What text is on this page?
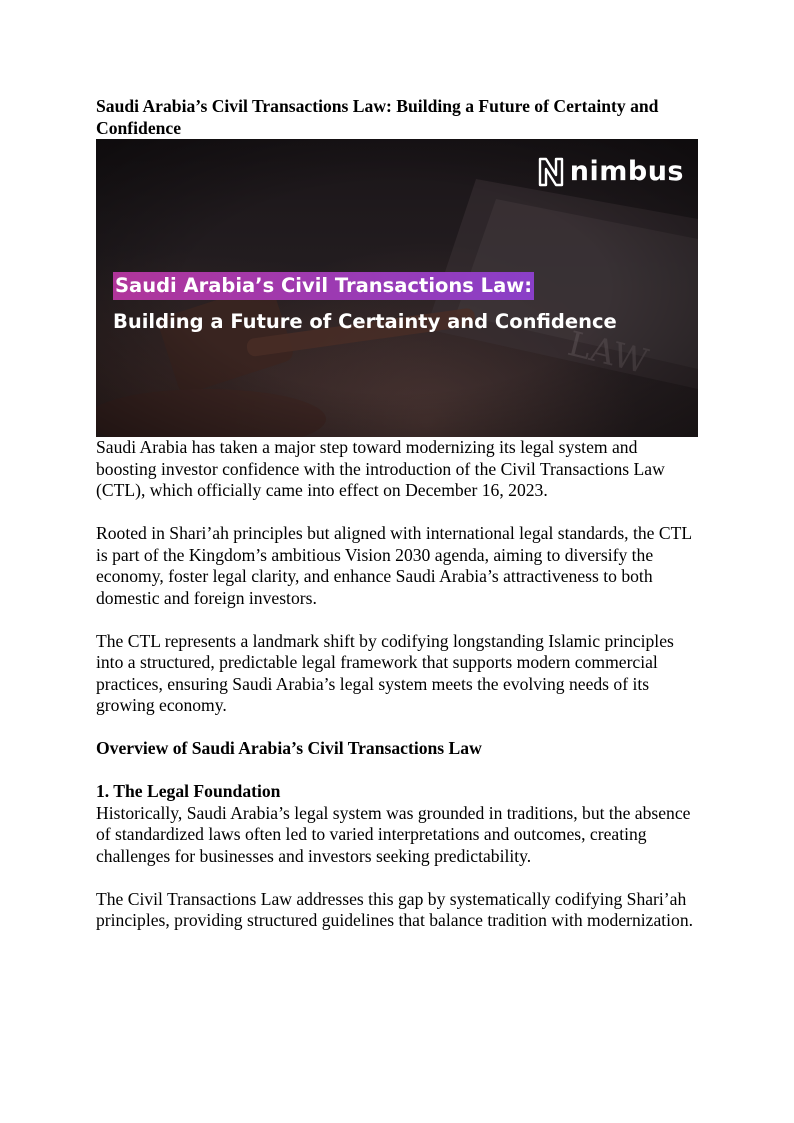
Saudi Arabia’s Civil Transactions Law: Building a Future of Certainty and Confidence
nimbus
Saudi Arabia’s Civil Transactions Law:
Building a Future of Certainty and Confidence

Saudi Arabia has taken a major step toward modernizing its legal system and boosting investor confidence with the introduction of the Civil Transactions Law (CTL), which officially came into effect on December 16, 2023.

Rooted in Shari’ah principles but aligned with international legal standards, the CTL is part of the Kingdom’s ambitious Vision 2030 agenda, aiming to diversify the economy, foster legal clarity, and enhance Saudi Arabia’s attractiveness to both domestic and foreign investors.

The CTL represents a landmark shift by codifying longstanding Islamic principles into a structured, predictable legal framework that supports modern commercial practices, ensuring Saudi Arabia’s legal system meets the evolving needs of its growing economy.

Overview of Saudi Arabia’s Civil Transactions Law

1. The Legal Foundation

Historically, Saudi Arabia’s legal system was grounded in traditions, but the absence of standardized laws often led to varied interpretations and outcomes, creating challenges for businesses and investors seeking predictability.

The Civil Transactions Law addresses this gap by systematically codifying Shari’ah principles, providing structured guidelines that balance tradition with modernization.
